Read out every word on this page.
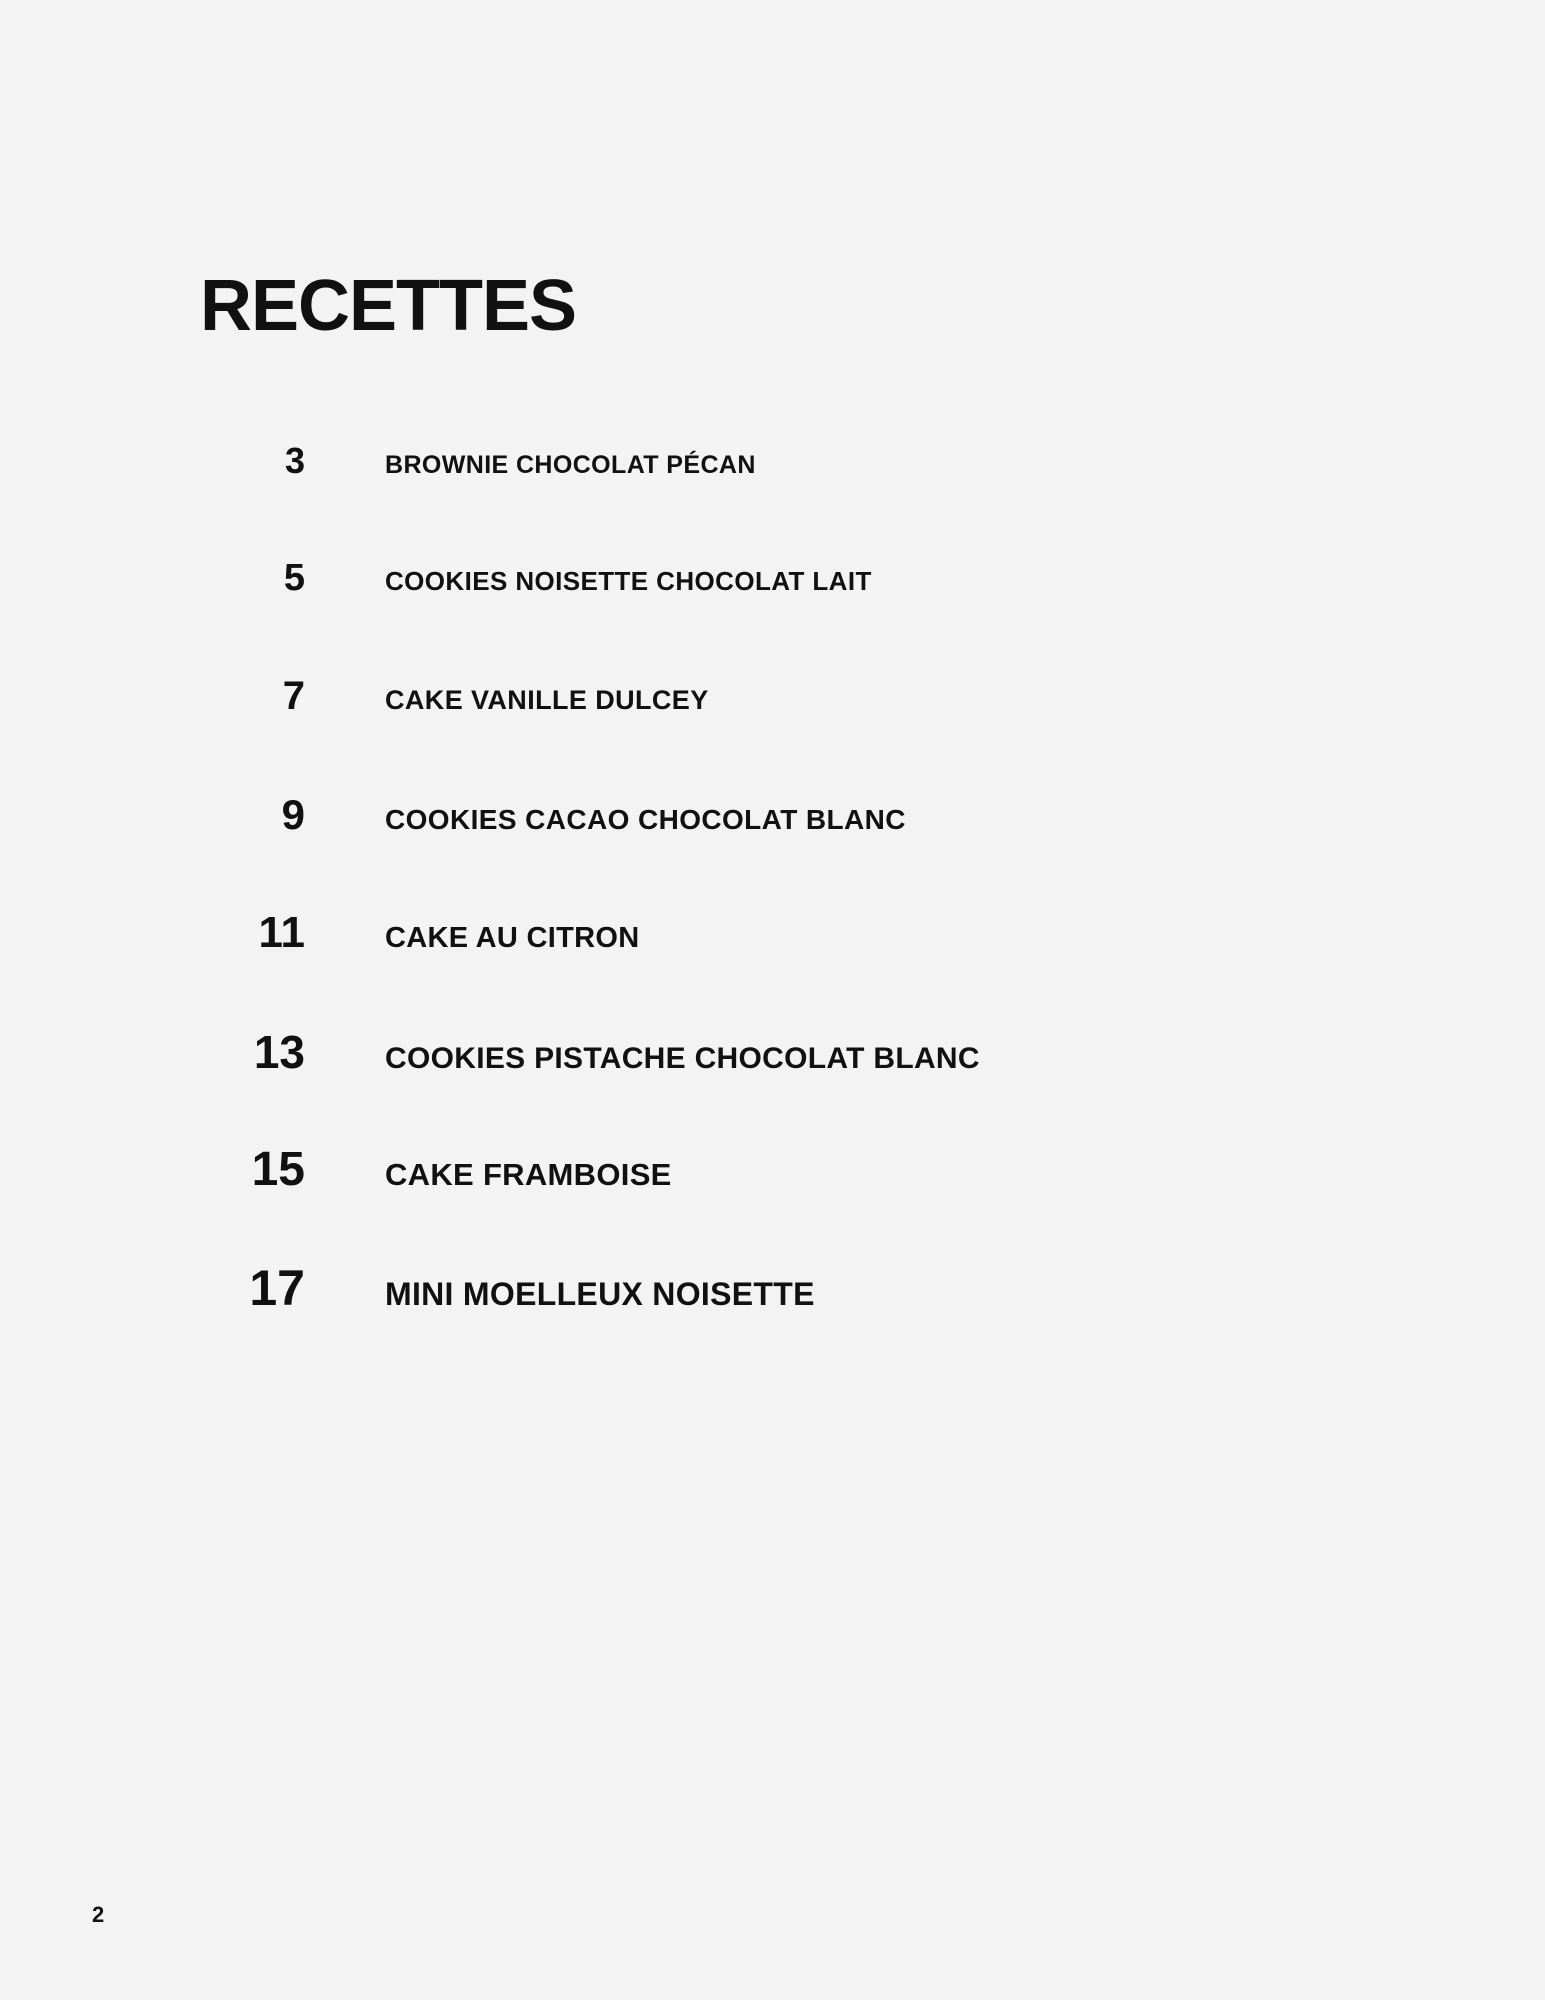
RECETTES
3	BROWNIE CHOCOLAT PÉCAN
5	COOKIES NOISETTE CHOCOLAT LAIT
7	CAKE VANILLE DULCEY
9	COOKIES CACAO CHOCOLAT BLANC
11	CAKE AU CITRON
13	COOKIES PISTACHE CHOCOLAT BLANC
15	CAKE FRAMBOISE
17	MINI MOELLEUX NOISETTE
2
